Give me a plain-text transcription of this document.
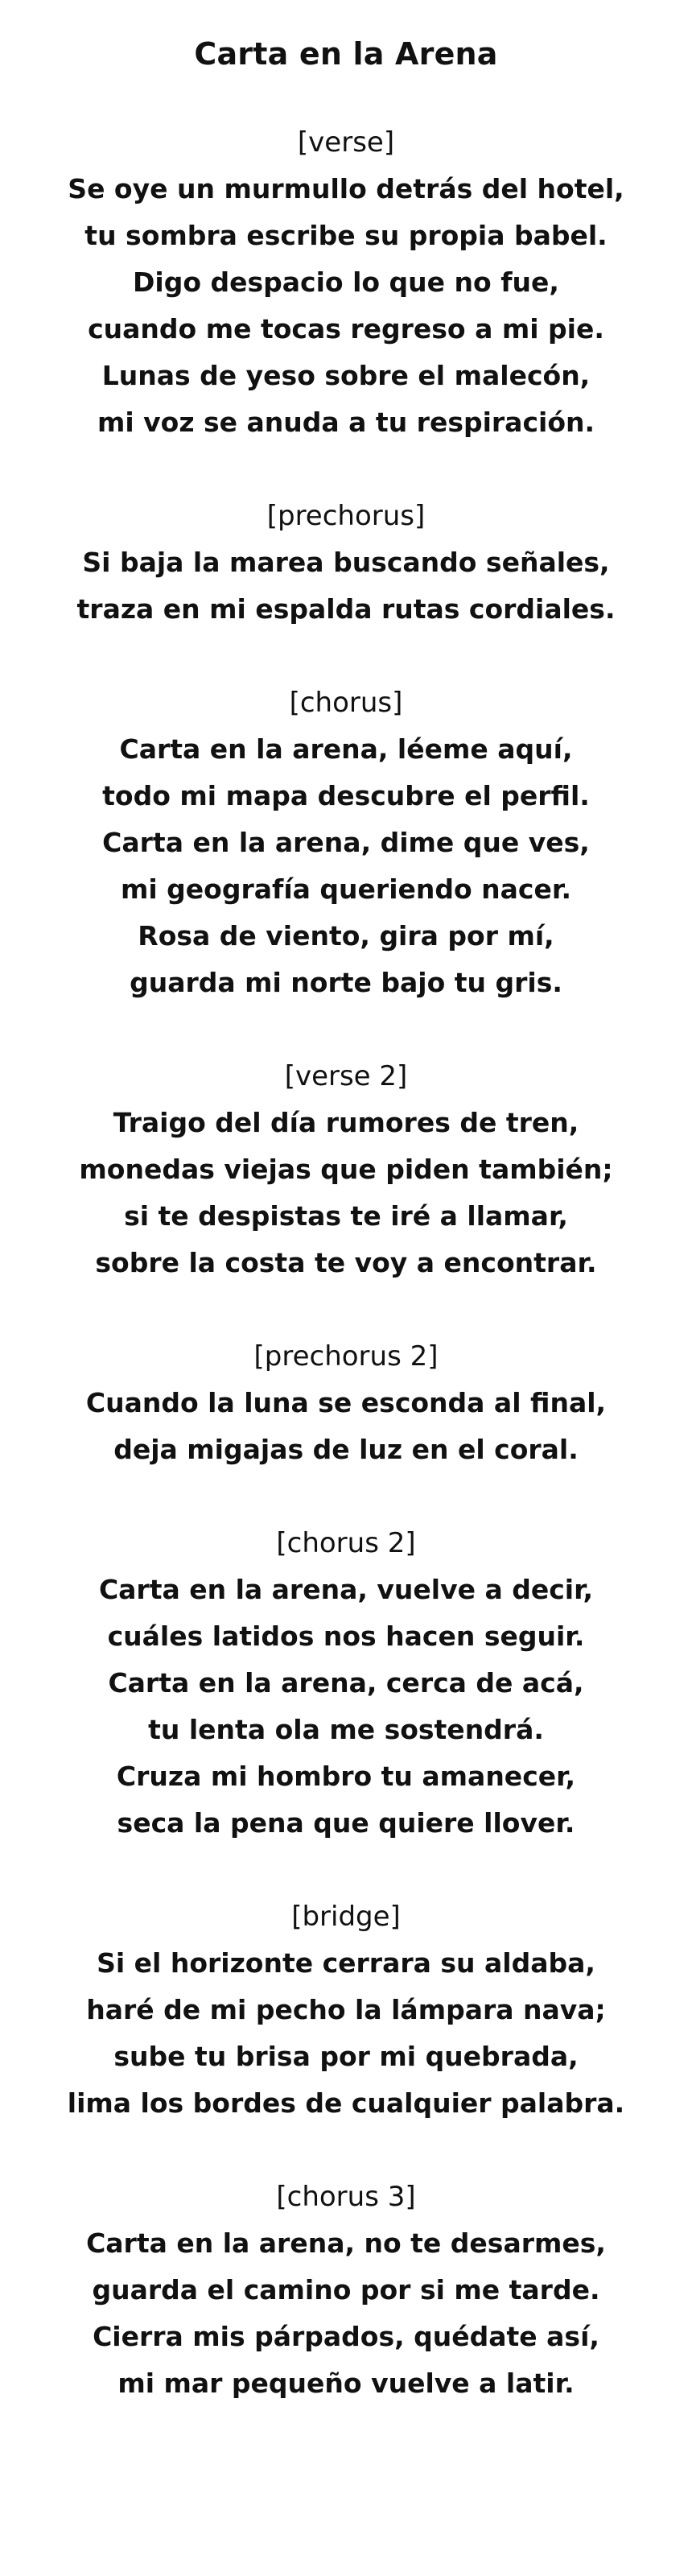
Carta en la Arena

[verse]

Se oye un murmullo detrás del hotel,

tu sombra escribe su propia babel.

Digo despacio lo que no fue,

cuando me tocas regreso a mi pie.

Lunas de yeso sobre el malecón,

mi voz se anuda a tu respiración.

[prechorus]

Si baja la marea buscando señales,

traza en mi espalda rutas cordiales.

[chorus]

Carta en la arena, léeme aquí,

todo mi mapa descubre el perfil.

Carta en la arena, dime que ves,

mi geografía queriendo nacer.

Rosa de viento, gira por mí,

guarda mi norte bajo tu gris.

[verse 2]

Traigo del día rumores de tren,

monedas viejas que piden también;

si te despistas te iré a llamar,

sobre la costa te voy a encontrar.

[prechorus 2]

Cuando la luna se esconda al final,

deja migajas de luz en el coral.

[chorus 2]

Carta en la arena, vuelve a decir,

cuáles latidos nos hacen seguir.

Carta en la arena, cerca de acá,

tu lenta ola me sostendrá.

Cruza mi hombro tu amanecer,

seca la pena que quiere llover.

[bridge]

Si el horizonte cerrara su aldaba,

haré de mi pecho la lámpara nava;

sube tu brisa por mi quebrada,

lima los bordes de cualquier palabra.

[chorus 3]

Carta en la arena, no te desarmes,

guarda el camino por si me tarde.

Cierra mis párpados, quédate así,

mi mar pequeño vuelve a latir.
